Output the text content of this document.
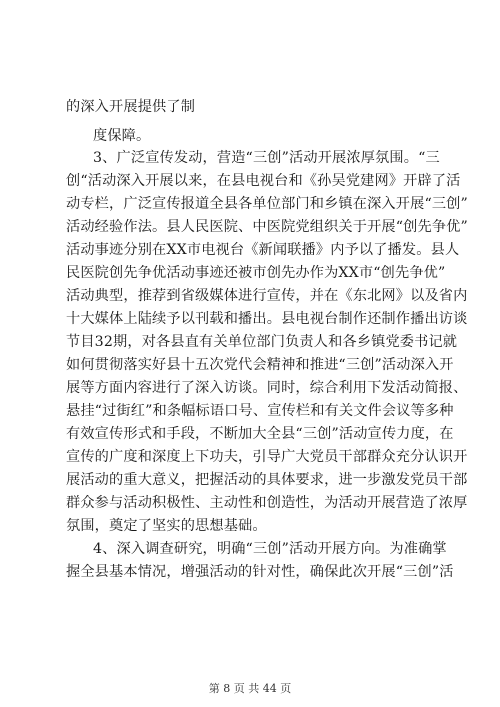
的深入开展提供了制
度保障。
3、广泛宣传发动，营造“三创”活动开展浓厚氛围。“三
创“活动深入开展以来，在县电视台和《孙吴党建网》开辟了活
动专栏，广泛宣传报道全县各单位部门和乡镇在深入开展“三创”
活动经验作法。县人民医院、中医院党组织关于开展“创先争优”
活动事迹分别在XX市电视台《新闻联播》内予以了播发。县人
民医院创先争优活动事迹还被市创先办作为XX市“创先争优”
活动典型，推荐到省级媒体进行宣传，并在《东北网》以及省内
十大媒体上陆续予以刊载和播出。县电视台制作还制作播出访谈
节目32期，对各县直有关单位部门负责人和各乡镇党委书记就
如何贯彻落实好县十五次党代会精神和推进“三创”活动深入开
展等方面内容进行了深入访谈。同时，综合利用下发活动简报、
悬挂“过街红”和条幅标语口号、宣传栏和有关文件会议等多种
有效宣传形式和手段，不断加大全县“三创”活动宣传力度，在
宣传的广度和深度上下功夫，引导广大党员干部群众充分认识开
展活动的重大意义，把握活动的具体要求，进一步激发党员干部
群众参与活动积极性、主动性和创造性，为活动开展营造了浓厚
氛围，奠定了坚实的思想基础。
4、深入调查研究，明确“三创”活动开展方向。为准确掌
握全县基本情况，增强活动的针对性，确保此次开展“三创”活
第 8 页 共 44 页
